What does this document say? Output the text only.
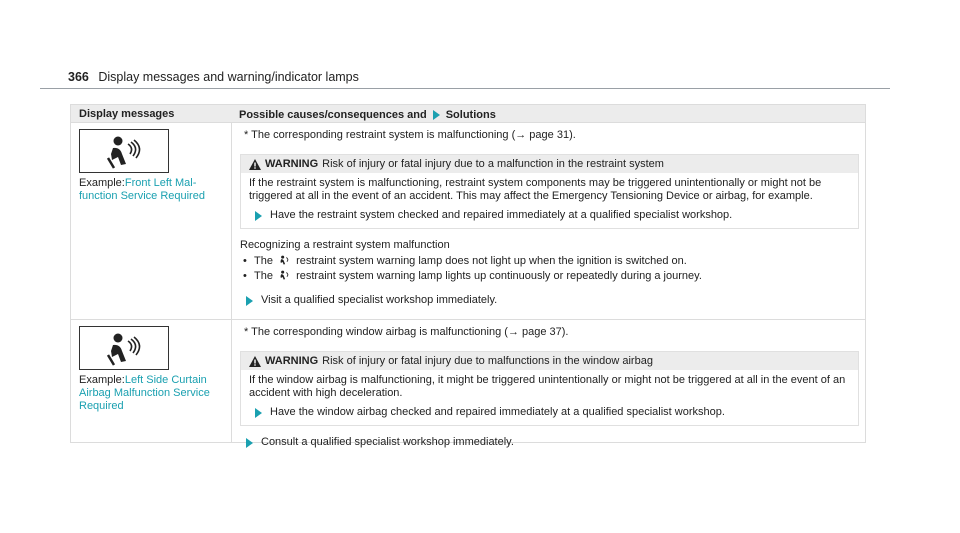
366 Display messages and warning/indicator lamps
Display messages	Possible causes/consequences and Solutions
Example:Front Left Mal-function Service Required

* The corresponding restraint system is malfunctioning (→ page 31).

WARNING Risk of injury or fatal injury due to a malfunction in the restraint system
If the restraint system is malfunctioning, restraint system components may be triggered unintentionally or might not be triggered at all in the event of an accident. This may affect the Emergency Tensioning Device or airbag, for example.
Have the restraint system checked and repaired immediately at a qualified specialist workshop.

Recognizing a restraint system malfunction

• The restraint system warning lamp does not light up when the ignition is switched on.
• The restraint system warning lamp lights up continuously or repeatedly during a journey.
Visit a qualified specialist workshop immediately.
Example:Left Side Curtain Airbag Malfunction Service Required

* The corresponding window airbag is malfunctioning (→ page 37).

WARNING Risk of injury or fatal injury due to malfunctions in the window airbag
If the window airbag is malfunctioning, it might be triggered unintentionally or might not be triggered at all in the event of an accident with high deceleration.
Have the window airbag checked and repaired immediately at a qualified specialist workshop.
Consult a qualified specialist workshop immediately.
